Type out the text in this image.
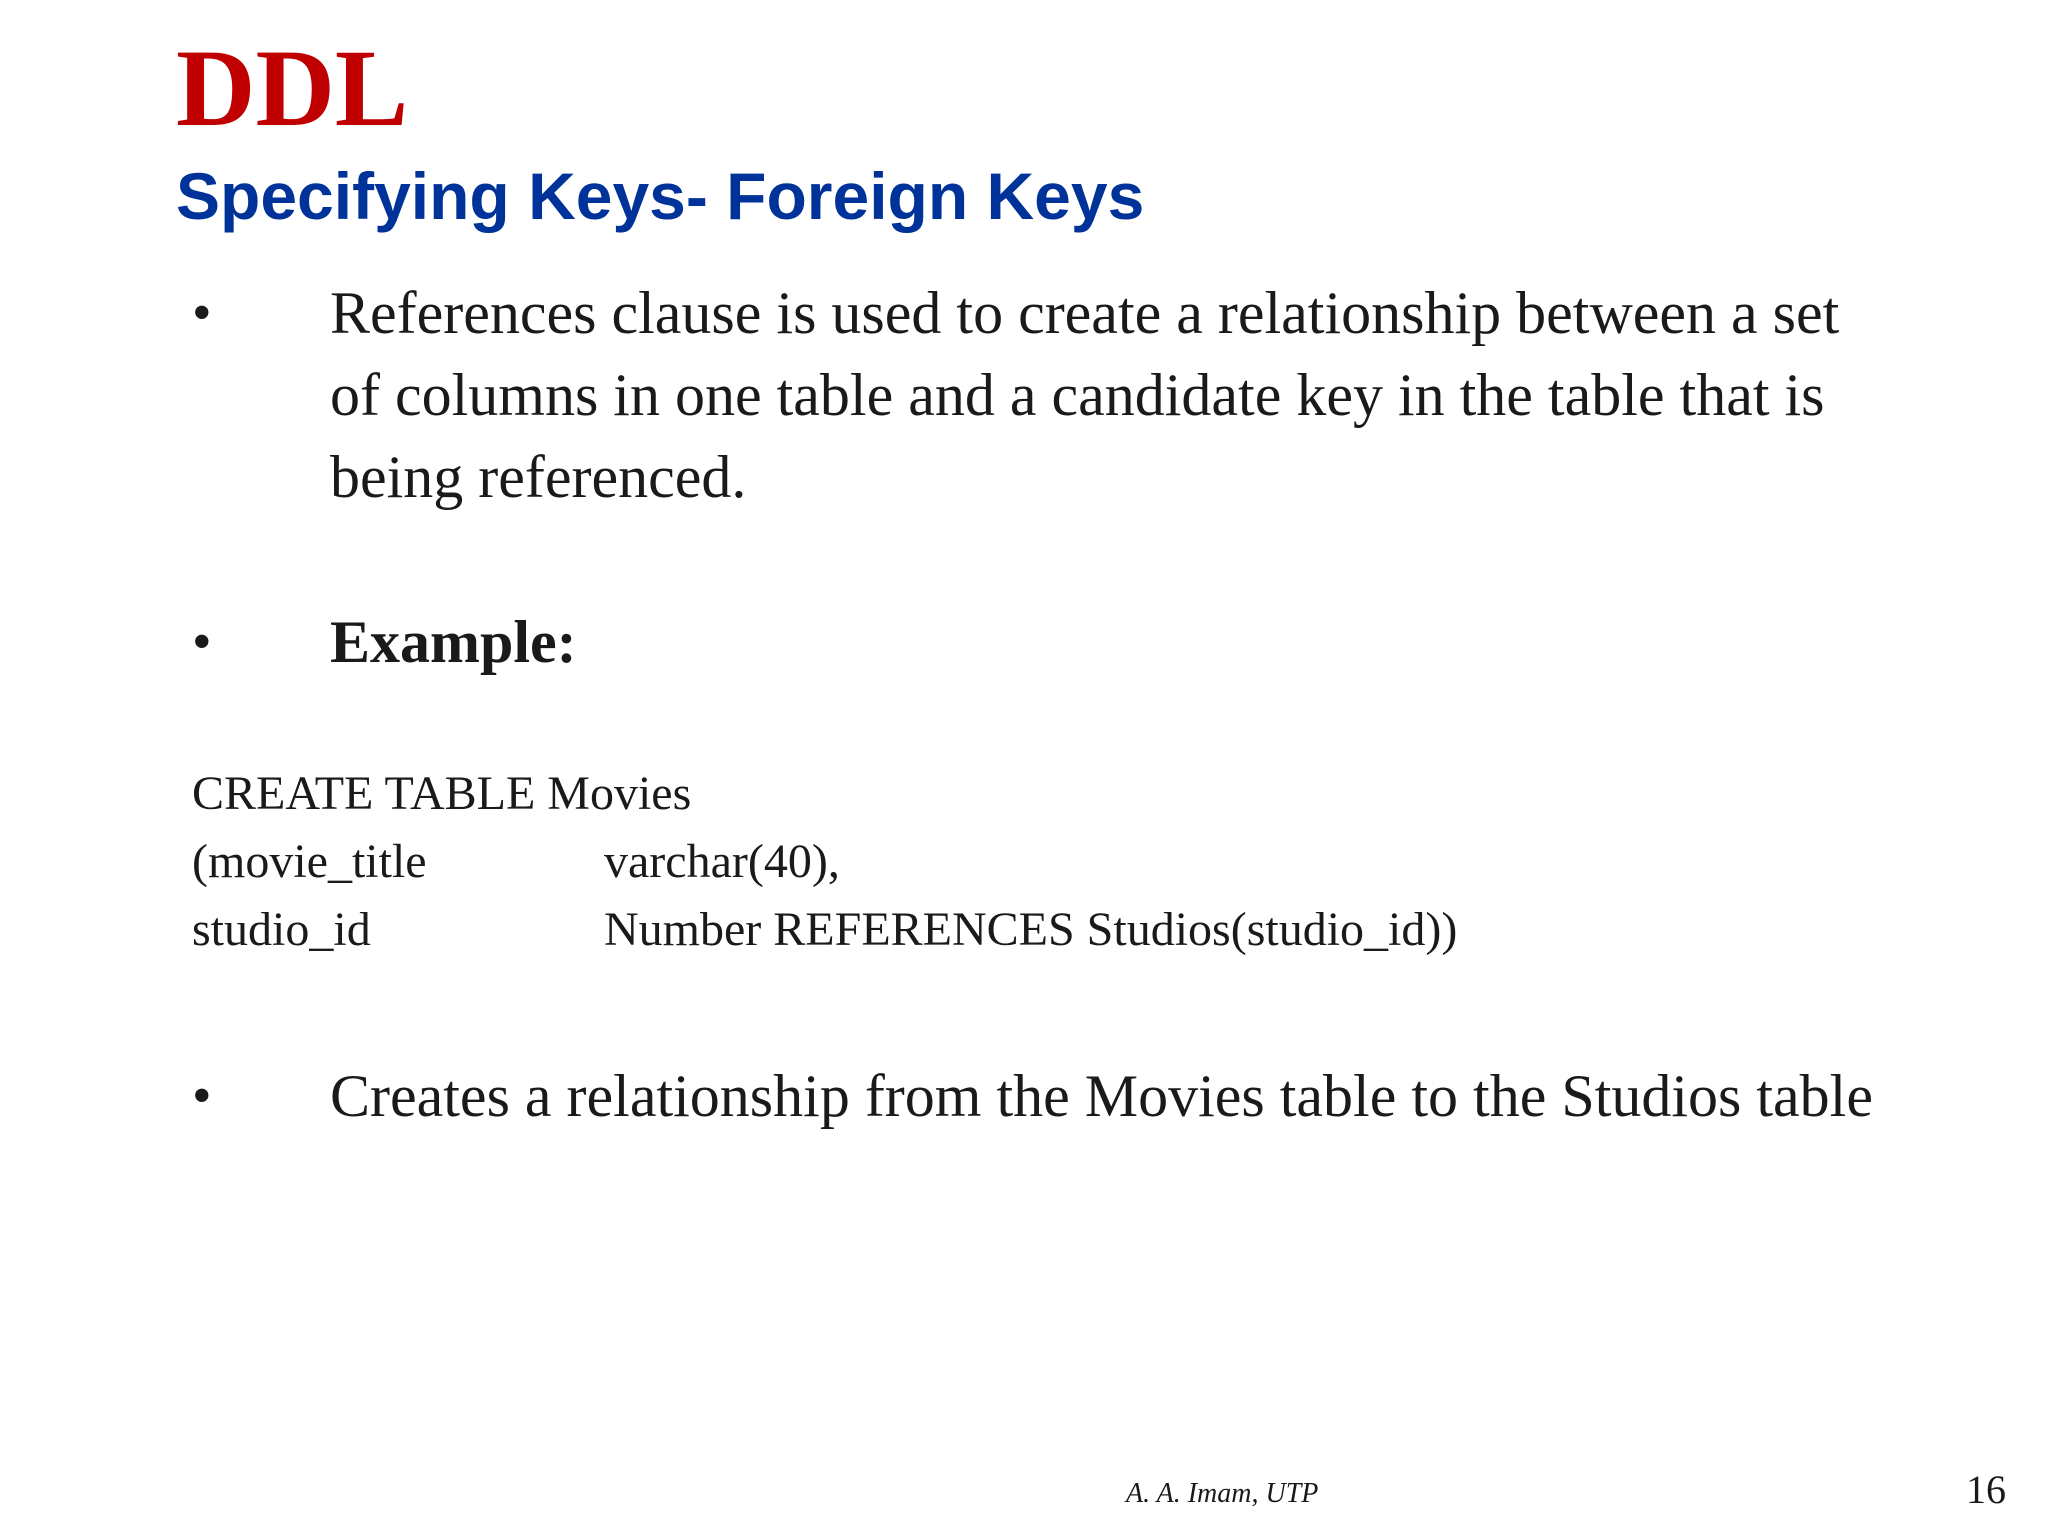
DDL
Specifying Keys- Foreign Keys
• References clause is used to create a relationship between a set of columns in one table and a candidate key in the table that is being referenced.
• Example:
CREATE TABLE Movies
(movie_title	varchar(40),
studio_id	Number REFERENCES Studios(studio_id))
• Creates a relationship from the Movies table to the Studios table
A. A. Imam, UTP	16
